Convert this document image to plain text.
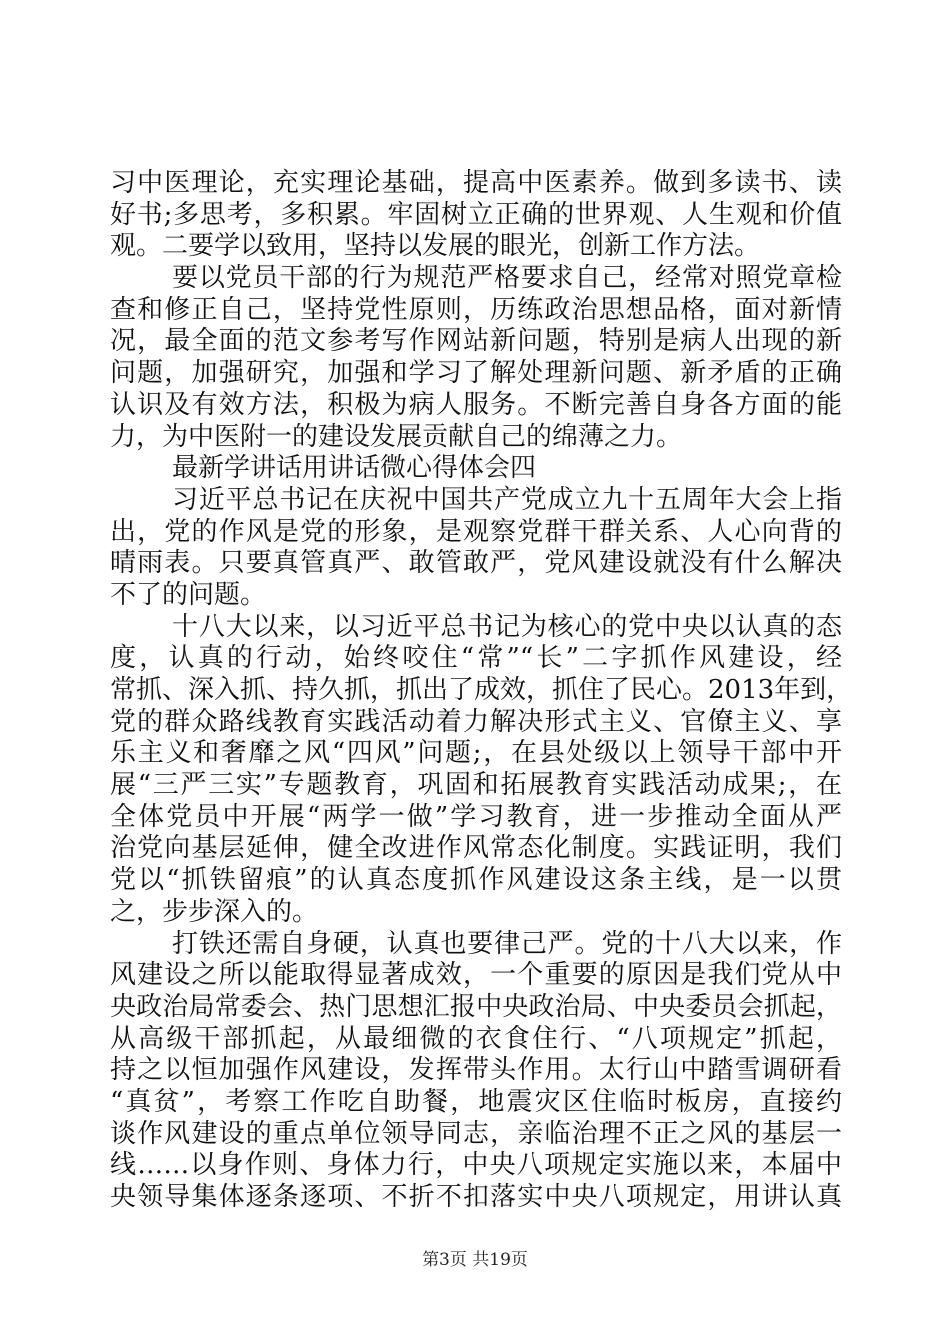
习中医理论，充实理论基础，提高中医素养。做到多读书、读
好书;多思考，多积累。牢固树立正确的世界观、人生观和价值
观。二要学以致用，坚持以发展的眼光，创新工作方法。
要以党员干部的行为规范严格要求自己，经常对照党章检
查和修正自己，坚持党性原则，历练政治思想品格，面对新情
况，最全面的范文参考写作网站新问题，特别是病人出现的新
问题，加强研究，加强和学习了解处理新问题、新矛盾的正确
认识及有效方法，积极为病人服务。不断完善自身各方面的能
力，为中医附一的建设发展贡献自己的绵薄之力。
最新学讲话用讲话微心得体会四
习近平总书记在庆祝中国共产党成立九十五周年大会上指
出，党的作风是党的形象，是观察党群干群关系、人心向背的
晴雨表。只要真管真严、敢管敢严，党风建设就没有什么解决
不了的问题。
十八大以来，以习近平总书记为核心的党中央以认真的态
度，认真的行动，始终咬住“常”“长”二字抓作风建设，经
常抓、深入抓、持久抓，抓出了成效，抓住了民心。2013年到，
党的群众路线教育实践活动着力解决形式主义、官僚主义、享
乐主义和奢靡之风“四风”问题;，在县处级以上领导干部中开
展“三严三实”专题教育，巩固和拓展教育实践活动成果;，在
全体党员中开展“两学一做”学习教育，进一步推动全面从严
治党向基层延伸，健全改进作风常态化制度。实践证明，我们
党以“抓铁留痕”的认真态度抓作风建设这条主线，是一以贯
之，步步深入的。
打铁还需自身硬，认真也要律己严。党的十八大以来，作
风建设之所以能取得显著成效，一个重要的原因是我们党从中
央政治局常委会、热门思想汇报中央政治局、中央委员会抓起，
从高级干部抓起，从最细微的衣食住行、“八项规定”抓起，
持之以恒加强作风建设，发挥带头作用。太行山中踏雪调研看
“真贫”，考察工作吃自助餐，地震灾区住临时板房，直接约
谈作风建设的重点单位领导同志，亲临治理不正之风的基层一
线……以身作则、身体力行，中央八项规定实施以来，本届中
央领导集体逐条逐项、不折不扣落实中央八项规定，用讲认真
第3页 共19页
